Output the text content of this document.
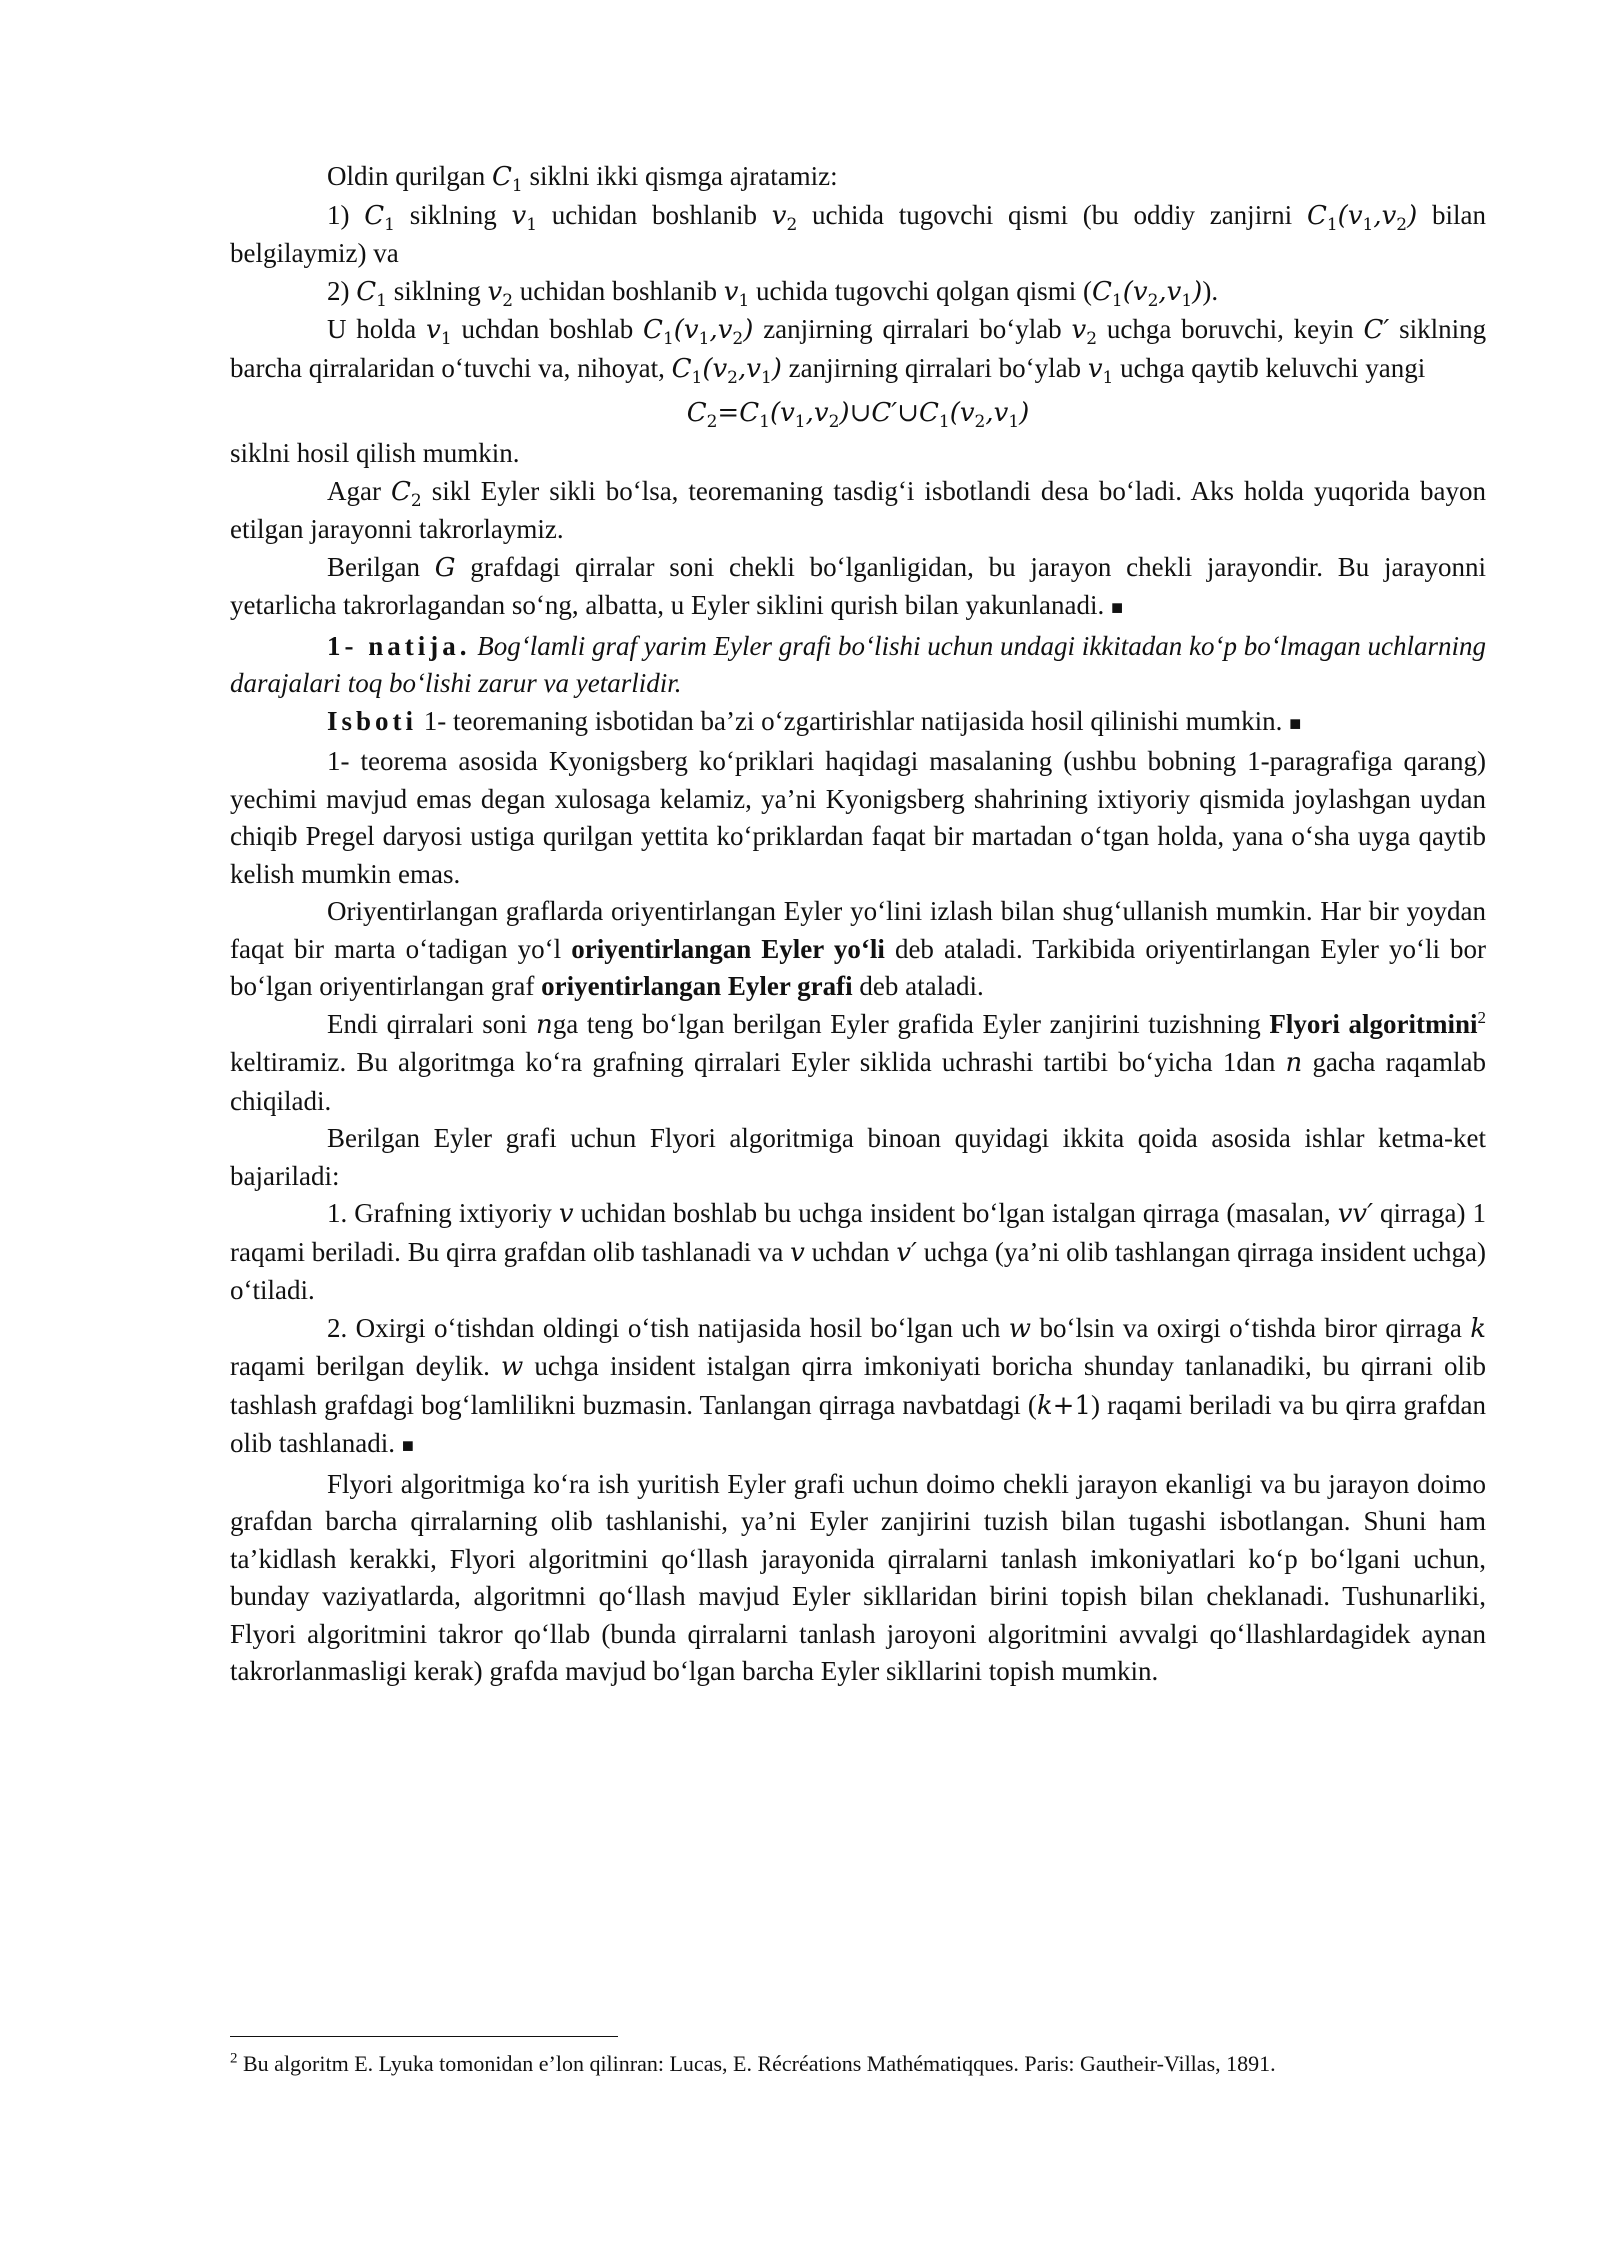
Oldin qurilgan $C_1$ siklni ikki qismga ajratamiz:

1) $C_1$ siklning $v_1$ uchidan boshlanib $v_2$ uchida tugovchi qismi (bu oddiy zanjirni $C_1(v_1,v_2)$ bilan belgilaymiz) va

2) $C_1$ siklning $v_2$ uchidan boshlanib $v_1$ uchida tugovchi qolgan qismi $(C_1(v_2,v_1))$.

U holda $v_1$ uchdan boshlab $C_1(v_1,v_2)$ zanjirning qirralari bo‘ylab $v_2$ uchga boruvchi, keyin C′ siklning barcha qirralaridan o‘tuvchi va, nihoyat, $C_1(v_2,v_1)$ zanjirning qirralari bo‘ylab $v_1$ uchga qaytib keluvchi yangi

$C_2=C_1(v_1,v_2)\cup C'\cup C_1(v_2,v_1)$

siklni hosil qilish mumkin.

Agar $C_2$ sikl Eyler sikli bo‘lsa, teoremaning tasdig‘i isbotlandi desa bo‘ladi. Aks holda yuqorida bayon etilgan jarayonni takrorlaymiz.

Berilgan G grafdagi qirralar soni chekli bo‘lganligidan, bu jarayon chekli jarayondir. Bu jarayonni yetarlicha takrorlagandan so‘ng, albatta, u Eyler siklini qurish bilan yakunlanadi. ■

1- natija. Bog‘lamli graf yarim Eyler grafi bo‘lishi uchun undagi ikkitadan ko‘p bo‘lmagan uchlarning darajalari toq bo‘lishi zarur va yetarlidir.

Isboti 1- teoremaning isbotidan ba’zi o‘zgartirishlar natijasida hosil qilinishi mumkin. ■

1- teorema asosida Kyonigsberg ko‘priklari haqidagi masalaning (ushbu bobning 1-paragrafiga qarang) yechimi mavjud emas degan xulosaga kelamiz, ya’ni Kyonigsberg shahrining ixtiyoriy qismida joylashgan uydan chiqib Pregel daryosi ustiga qurilgan yettita ko‘priklardan faqat bir martadan o‘tgan holda, yana o‘sha uyga qaytib kelish mumkin emas.

Oriyentirlangan graflarda oriyentirlangan Eyler yo‘lini izlash bilan shug‘ullanish mumkin. Har bir yoydan faqat bir marta o‘tadigan yo‘l oriyentirlangan Eyler yo‘li deb ataladi. Tarkibida oriyentirlangan Eyler yo‘li bor bo‘lgan oriyentirlangan graf oriyentirlangan Eyler grafi deb ataladi.

Endi qirralari soni nga teng bo‘lgan berilgan Eyler grafida Eyler zanjirini tuzishning Flyori algoritmini$^2$ keltiramiz. Bu algoritmga ko‘ra grafning qirralari Eyler siklida uchrashi tartibi bo‘yicha 1dan n gacha raqamlab chiqiladi.

Berilgan Eyler grafi uchun Flyori algoritmiga binoan quyidagi ikkita qoida asosida ishlar ketma-ket bajariladi:

1. Grafning ixtiyoriy v uchidan boshlab bu uchga insident bo‘lgan istalgan qirraga (masalan, vv′ qirraga) 1 raqami beriladi. Bu qirra grafdan olib tashlanadi va v uchdan v′ uchga (ya’ni olib tashlangan qirraga insident uchga) o‘tiladi.

2. Oxirgi o‘tishdan oldingi o‘tish natijasida hosil bo‘lgan uch w bo‘lsin va oxirgi o‘tishda biror qirraga k raqami berilgan deylik. w uchga insident istalgan qirra imkoniyati boricha shunday tanlanadiki, bu qirrani olib tashlash grafdagi bog‘lamlilikni buzmasin. Tanlangan qirraga navbatdagi (k+1) raqami beriladi va bu qirra grafdan olib tashlanadi. ■

Flyori algoritmiga ko‘ra ish yuritish Eyler grafi uchun doimo chekli jarayon ekanligi va bu jarayon doimo grafdan barcha qirralarning olib tashlanishi, ya’ni Eyler zanjirini tuzish bilan tugashi isbotlangan. Shuni ham ta’kidlash kerakki, Flyori algoritmini qo‘llash jarayonida qirralarni tanlash imkoniyatlari ko‘p bo‘lgani uchun, bunday vaziyatlarda, algoritmni qo‘llash mavjud Eyler sikllaridan birini topish bilan cheklanadi. Tushunarliki, Flyori algoritmini takror qo‘llab (bunda qirralarni tanlash jaroyoni algoritmini avvalgi qo‘llashlardagidek aynan takrorlanmasligi kerak) grafda mavjud bo‘lgan barcha Eyler sikllarini topish mumkin.

$^2$ Bu algoritm E. Lyuka tomonidan e’lon qilinran: Lucas, E. Récréations Mathématiqques. Paris: Gautheir-Villas, 1891.
